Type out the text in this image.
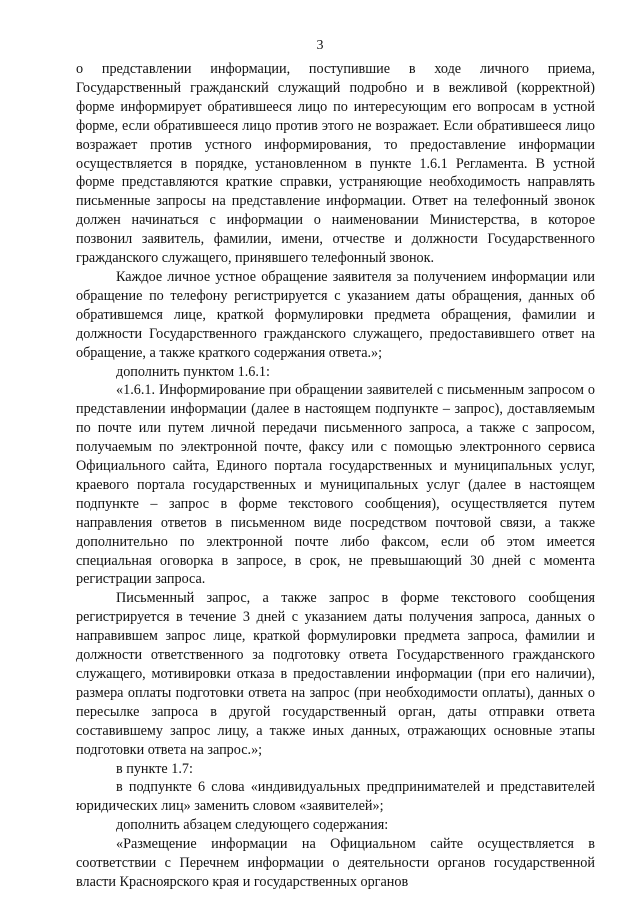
3

о представлении информации, поступившие в ходе личного приема, Государственный гражданский служащий подробно и в вежливой (корректной) форме информирует обратившееся лицо по интересующим его вопросам в устной форме, если обратившееся лицо против этого не возражает. Если обратившееся лицо возражает против устного информирования, то предоставление информации осуществляется в порядке, установленном в пункте 1.6.1 Регламента. В устной форме представляются краткие справки, устраняющие необходимость направлять письменные запросы на представление информации. Ответ на телефонный звонок должен начинаться с информации о наименовании Министерства, в которое позвонил заявитель, фамилии, имени, отчестве и должности Государственного гражданского служащего, принявшего телефонный звонок.

Каждое личное устное обращение заявителя за получением информации или обращение по телефону регистрируется с указанием даты обращения, данных об обратившемся лице, краткой формулировки предмета обращения, фамилии и должности Государственного гражданского служащего, предоставившего ответ на обращение, а также краткого содержания ответа.»;

дополнить пунктом 1.6.1:

«1.6.1. Информирование при обращении заявителей с письменным запросом о представлении информации (далее в настоящем подпункте – запрос), доставляемым по почте или путем личной передачи письменного запроса, а также с запросом, получаемым по электронной почте, факсу или с помощью электронного сервиса Официального сайта, Единого портала государственных и муниципальных услуг, краевого портала государственных и муниципальных услуг (далее в настоящем подпункте – запрос в форме текстового сообщения), осуществляется путем направления ответов в письменном виде посредством почтовой связи, а также дополнительно по электронной почте либо факсом, если об этом имеется специальная оговорка в запросе, в срок, не превышающий 30 дней с момента регистрации запроса.

Письменный запрос, а также запрос в форме текстового сообщения регистрируется в течение 3 дней с указанием даты получения запроса, данных о направившем запрос лице, краткой формулировки предмета запроса, фамилии и должности ответственного за подготовку ответа Государственного гражданского служащего, мотивировки отказа в предоставлении информации (при его наличии), размера оплаты подготовки ответа на запрос (при необходимости оплаты), данных о пересылке запроса в другой государственный орган, даты отправки ответа составившему запрос лицу, а также иных данных, отражающих основные этапы подготовки ответа на запрос.»;

в пункте 1.7:

в подпункте 6 слова «индивидуальных предпринимателей и представителей юридических лиц» заменить словом «заявителей»;

дополнить абзацем следующего содержания:

«Размещение информации на Официальном сайте осуществляется в соответствии с Перечнем информации о деятельности органов государственной власти Красноярского края и государственных органов
